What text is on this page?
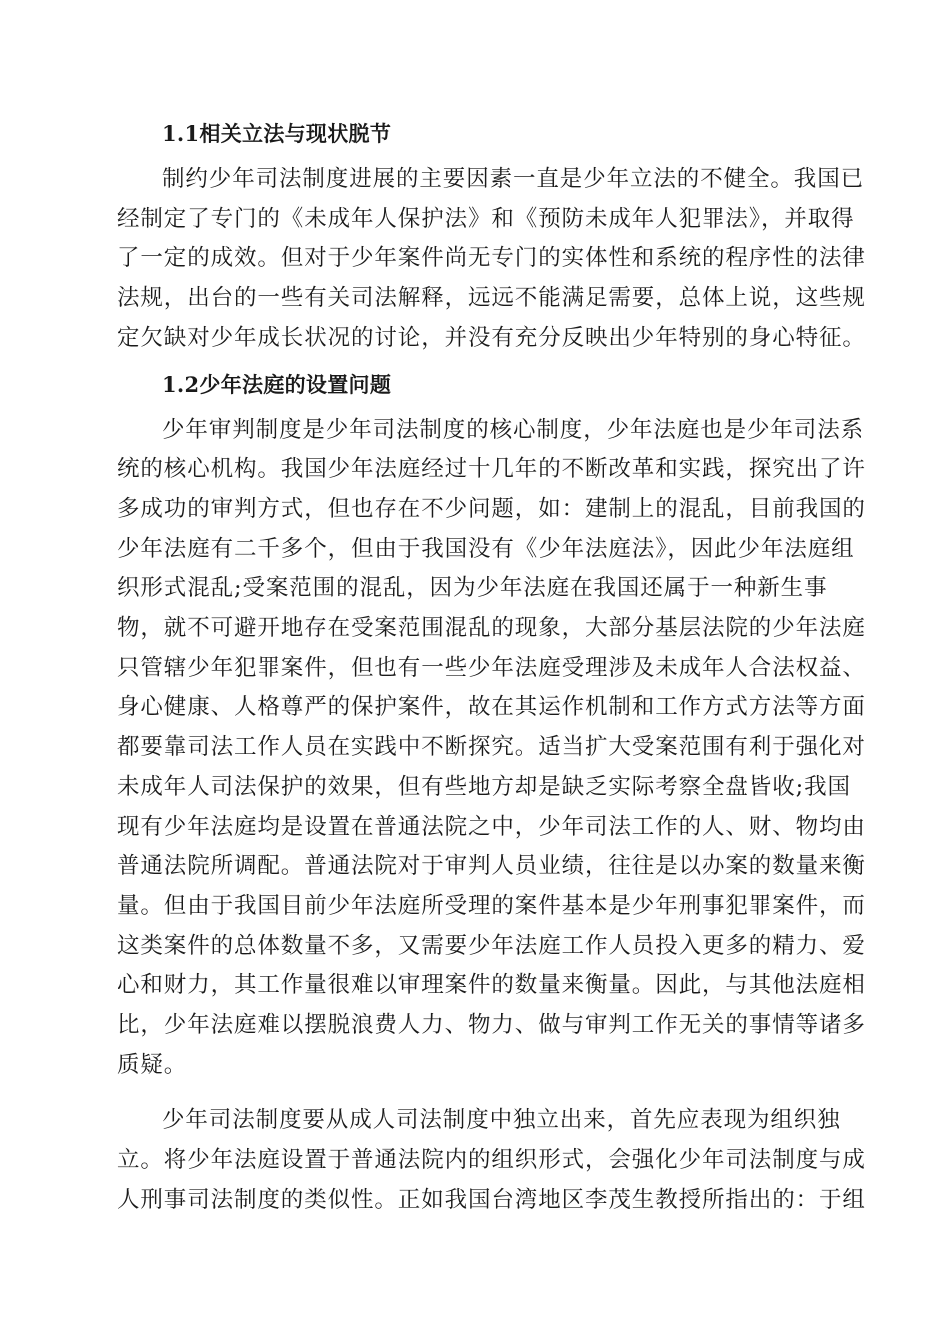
1.1相关立法与现状脱节
制约少年司法制度进展的主要因素一直是少年立法的不健全。我国已
经制定了专门的《未成年人保护法》和《预防未成年人犯罪法》，并取得
了一定的成效。但对于少年案件尚无专门的实体性和系统的程序性的法律
法规，出台的一些有关司法解释，远远不能满足需要，总体上说，这些规
定欠缺对少年成长状况的讨论，并没有充分反映出少年特别的身心特征。
1.2少年法庭的设置问题
少年审判制度是少年司法制度的核心制度，少年法庭也是少年司法系
统的核心机构。我国少年法庭经过十几年的不断改革和实践，探究出了许
多成功的审判方式，但也存在不少问题，如：建制上的混乱，目前我国的
少年法庭有二千多个，但由于我国没有《少年法庭法》，因此少年法庭组
织形式混乱;受案范围的混乱，因为少年法庭在我国还属于一种新生事
物，就不可避开地存在受案范围混乱的现象，大部分基层法院的少年法庭
只管辖少年犯罪案件，但也有一些少年法庭受理涉及未成年人合法权益、
身心健康、人格尊严的保护案件，故在其运作机制和工作方式方法等方面
都要靠司法工作人员在实践中不断探究。适当扩大受案范围有利于强化对
未成年人司法保护的效果，但有些地方却是缺乏实际考察全盘皆收;我国
现有少年法庭均是设置在普通法院之中，少年司法工作的人、财、物均由
普通法院所调配。普通法院对于审判人员业绩，往往是以办案的数量来衡
量。但由于我国目前少年法庭所受理的案件基本是少年刑事犯罪案件，而
这类案件的总体数量不多，又需要少年法庭工作人员投入更多的精力、爱
心和财力，其工作量很难以审理案件的数量来衡量。因此，与其他法庭相
比，少年法庭难以摆脱浪费人力、物力、做与审判工作无关的事情等诸多
质疑。
少年司法制度要从成人司法制度中独立出来，首先应表现为组织独
立。将少年法庭设置于普通法院内的组织形式，会强化少年司法制度与成
人刑事司法制度的类似性。正如我国台湾地区李茂生教授所指出的：于组
